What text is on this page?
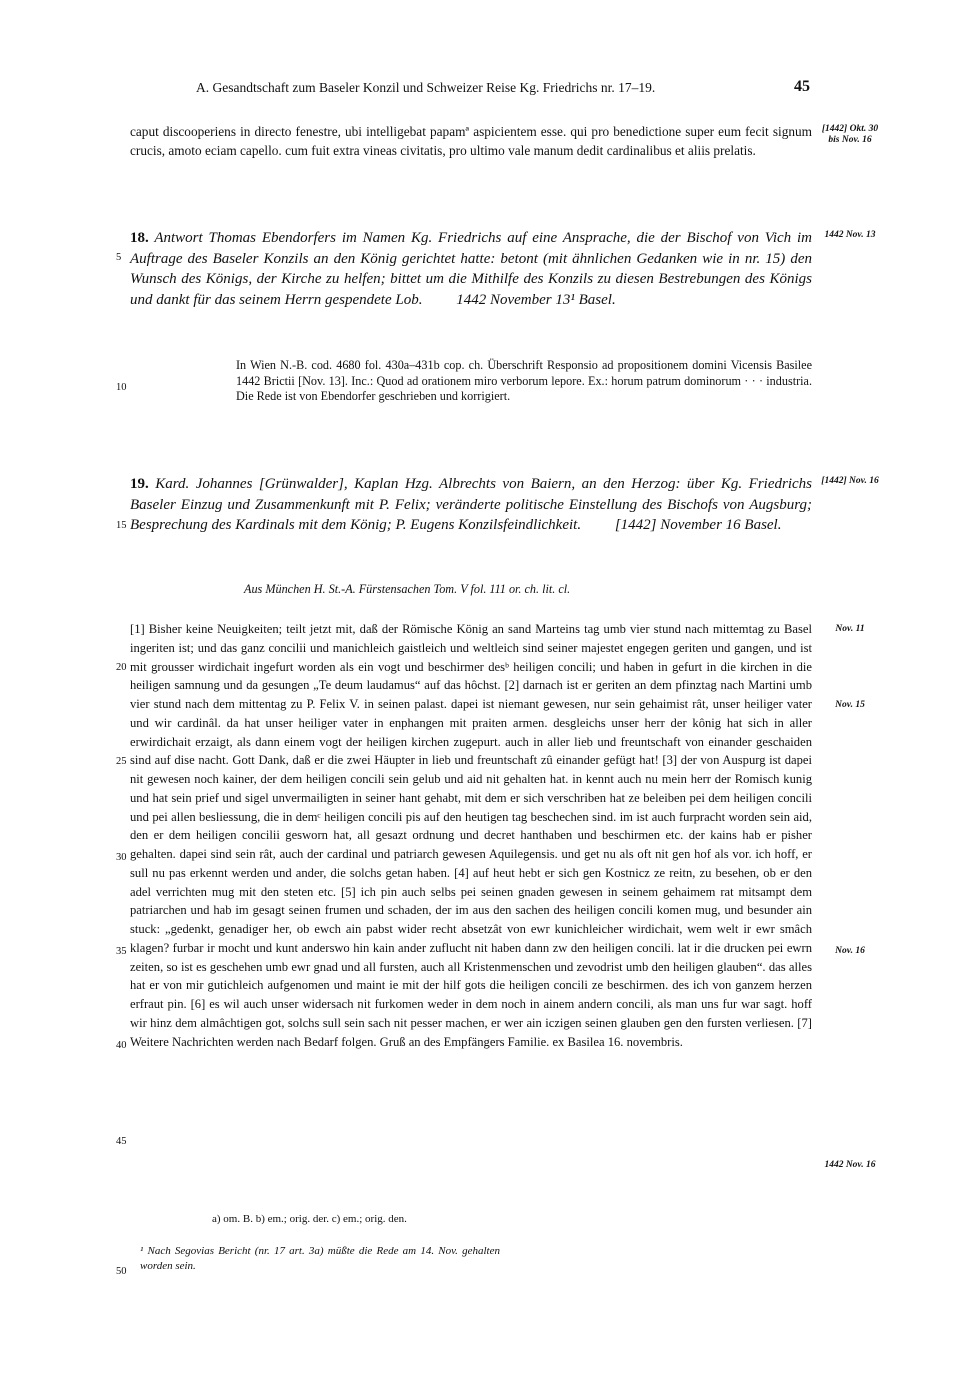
A. Gesandtschaft zum Baseler Konzil und Schweizer Reise Kg. Friedrichs nr. 17–19.	45

caput discooperiens in directo fenestre, ubi intelligebat papamª aspicientem esse. qui pro benedictione super eum fecit signum crucis, amoto eciam capello. cum fuit extra vineas civitatis, pro ultimo vale manum dedit cardinalibus et aliis prelatis.

18. Antwort Thomas Ebendorfers im Namen Kg. Friedrichs auf eine Ansprache, die der Bischof von Vich im Auftrage des Baseler Konzils an den König gerichtet hatte: betont (mit ähnlichen Gedanken wie in nr. 15) den Wunsch des Königs, der Kirche zu helfen; bittet um die Mithilfe des Konzils zu diesen Bestrebungen des Königs und dankt für das seinem Herrn gespendete Lob. 1442 November 13¹ Basel.

In Wien N.-B. cod. 4680 fol. 430a–431b cop. ch. Überschrift Responsio ad propositionem domini Vicensis Basilee 1442 Brictii [Nov. 13]. Inc.: Quod ad orationem miro verborum lepore. Ex.: horum patrum dominorum · · · industria. Die Rede ist von Ebendorfer geschrieben und korrigiert.

19. Kard. Johannes [Grünwalder], Kaplan Hzg. Albrechts von Baiern, an den Herzog: über Kg. Friedrichs Baseler Einzug und Zusammenkunft mit P. Felix; veränderte politische Einstellung des Bischofs von Augsburg; Besprechung des Kardinals mit dem König; P. Eugens Konzilsfeindlichkeit. [1442] November 16 Basel.

Aus München H. St.-A. Fürstensachen Tom. V fol. 111 or. ch. lit. cl.

[1] Bisher keine Neuigkeiten; teilt jetzt mit, daß der Römische König an sand Marteins tag umb vier stund nach mittemtag zu Basel ingeriten ist; und das ganz concilii und manichleich gaistleich und weltleich sind seiner majestet engegen geriten und gangen, und ist mit grousser wirdichait ingefurt worden als ein vogt und beschirmer desᵇ heiligen concili; und haben in gefurt in die kirchen in die heiligen samnung und da gesungen „Te deum laudamus“ auf das hôchst. [2] darnach ist er geriten an dem pfinztag nach Martini umb vier stund nach dem mittentag zu P. Felix V. in seinen palast. dapei ist niemant gewesen, nur sein gehaimist rât, unser heiliger vater und wir cardinâl. da hat unser heiliger vater in enphangen mit praiten armen. desgleichs unser herr der kônig hat sich in aller erwirdichait erzaigt, als dann einem vogt der heiligen kirchen zugepurt. auch in aller lieb und freuntschaft von einander geschaiden sind auf dise nacht. Gott Dank, daß er die zwei Häupter in lieb und freuntschaft zû einander gefügt hat! [3] der von Auspurg ist dapei nit gewesen noch kainer, der dem heiligen concili sein gelub und aid nit gehalten hat. in kennt auch nu mein herr der Romisch kunig und hat sein prief und sigel unvermailigten in seiner hant gehabt, mit dem er sich verschriben hat ze beleiben pei dem heiligen concili und pei allen besliessung, die in demᶜ heiligen concili pis auf den heutigen tag beschechen sind. im ist auch furpracht worden sein aid, den er dem heiligen concilii gesworn hat, all gesazt ordnung und decret hanthaben und beschirmen etc. der kains hab er pisher gehalten. dapei sind sein rât, auch der cardinal und patriarch gewesen Aquilegensis. und get nu als oft nit gen hof als vor. ich hoff, er sull nu pas erkennt werden und ander, die solchs getan haben. [4] auf heut hebt er sich gen Kostnicz ze reitn, zu besehen, ob er den adel verrichten mug mit den steten etc. [5] ich pin auch selbs pei seinen gnaden gewesen in seinem gehaimem rat mitsampt dem patriarchen und hab im gesagt seinen frumen und schaden, der im aus den sachen des heiligen concili komen mug, und besunder ain stuck: „gedenkt, genadiger her, ob ewch ain pabst wider recht absetzât von ewr kunichleicher wirdichait, wem welt ir ewr smâch klagen? furbar ir mocht und kunt anderswo hin kain ander zuflucht nit haben dann zw den heiligen concili. lat ir die drucken pei ewrn zeiten, so ist es geschehen umb ewr gnad und all fursten, auch all Kristenmenschen und zevodrist umb den heiligen glauben“. das alles hat er von mir gutichleich aufgenomen und maint ie mit der hilf gots die heiligen concili ze beschirmen. des ich von ganzem herzen erfraut pin. [6] es wil auch unser widersach nit furkomen weder in dem noch in ainem andern concili, als man uns fur war sagt. hoff wir hinz dem almâchtigen got, solchs sull sein sach nit pesser machen, er wer ain iczigen seinen glauben gen den fursten verliesen. [7] Weitere Nachrichten werden nach Bedarf folgen. Gruß an des Empfängers Familie. ex Basilea 16. novembris.

a) om. B. b) em.; orig. der. c) em.; orig. den.

¹ Nach Segovias Bericht (nr. 17 art. 3a) müßte die Rede am 14. Nov. gehalten worden sein.

[1442] Okt. 30 bis Nov. 16
1442 Nov. 13
[1442] Nov. 16
Nov. 11
Nov. 15
Nov. 16
1442 Nov. 16
5
10
15
20
25
30
35
40
45
50
